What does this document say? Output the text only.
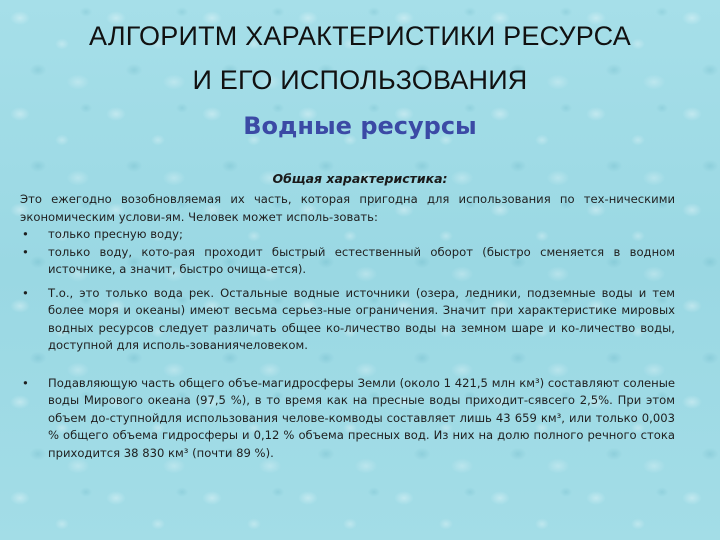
АЛГОРИТМ ХАРАКТЕРИСТИКИ РЕСУРСА
И ЕГО ИСПОЛЬЗОВАНИЯ
Водные ресурсы
Общая характеристика:

Это ежегодно возобновляемая их часть, которая пригодна для использования по тех-ническими экономическим услови-ям. Человек может исполь-зовать:

• только пресную воду;
• только воду, кото-рая проходит быстрый естественный оборот (быстро сменяется в водном источнике, а значит, быстро очища-ется).
• Т.о., это только вода рек. Остальные водные источники (озера, ледники, подземные воды и тем более моря и океаны) имеют весьма серьез-ные ограничения. Значит при характеристике мировых водных ресурсов следует различать общее ко-личество воды на земном шаре и ко-личество воды, доступной для исполь-зованиячеловеком.
• Подавляющую часть общего объе-магидросферы Земли (около 1 421,5 млн км³) составляют соленые воды Мирового океана (97,5 %), в то время как на пресные воды приходит-сявсего 2,5%. При этом объем до-ступнойдля использования челове-комводы составляет лишь 43 659 км³, или только 0,003 % общего объема гидросферы и 0,12 % объема пресных вод. Из них на долю полного речного стока приходится 38 830 км³ (почти 89 %).
